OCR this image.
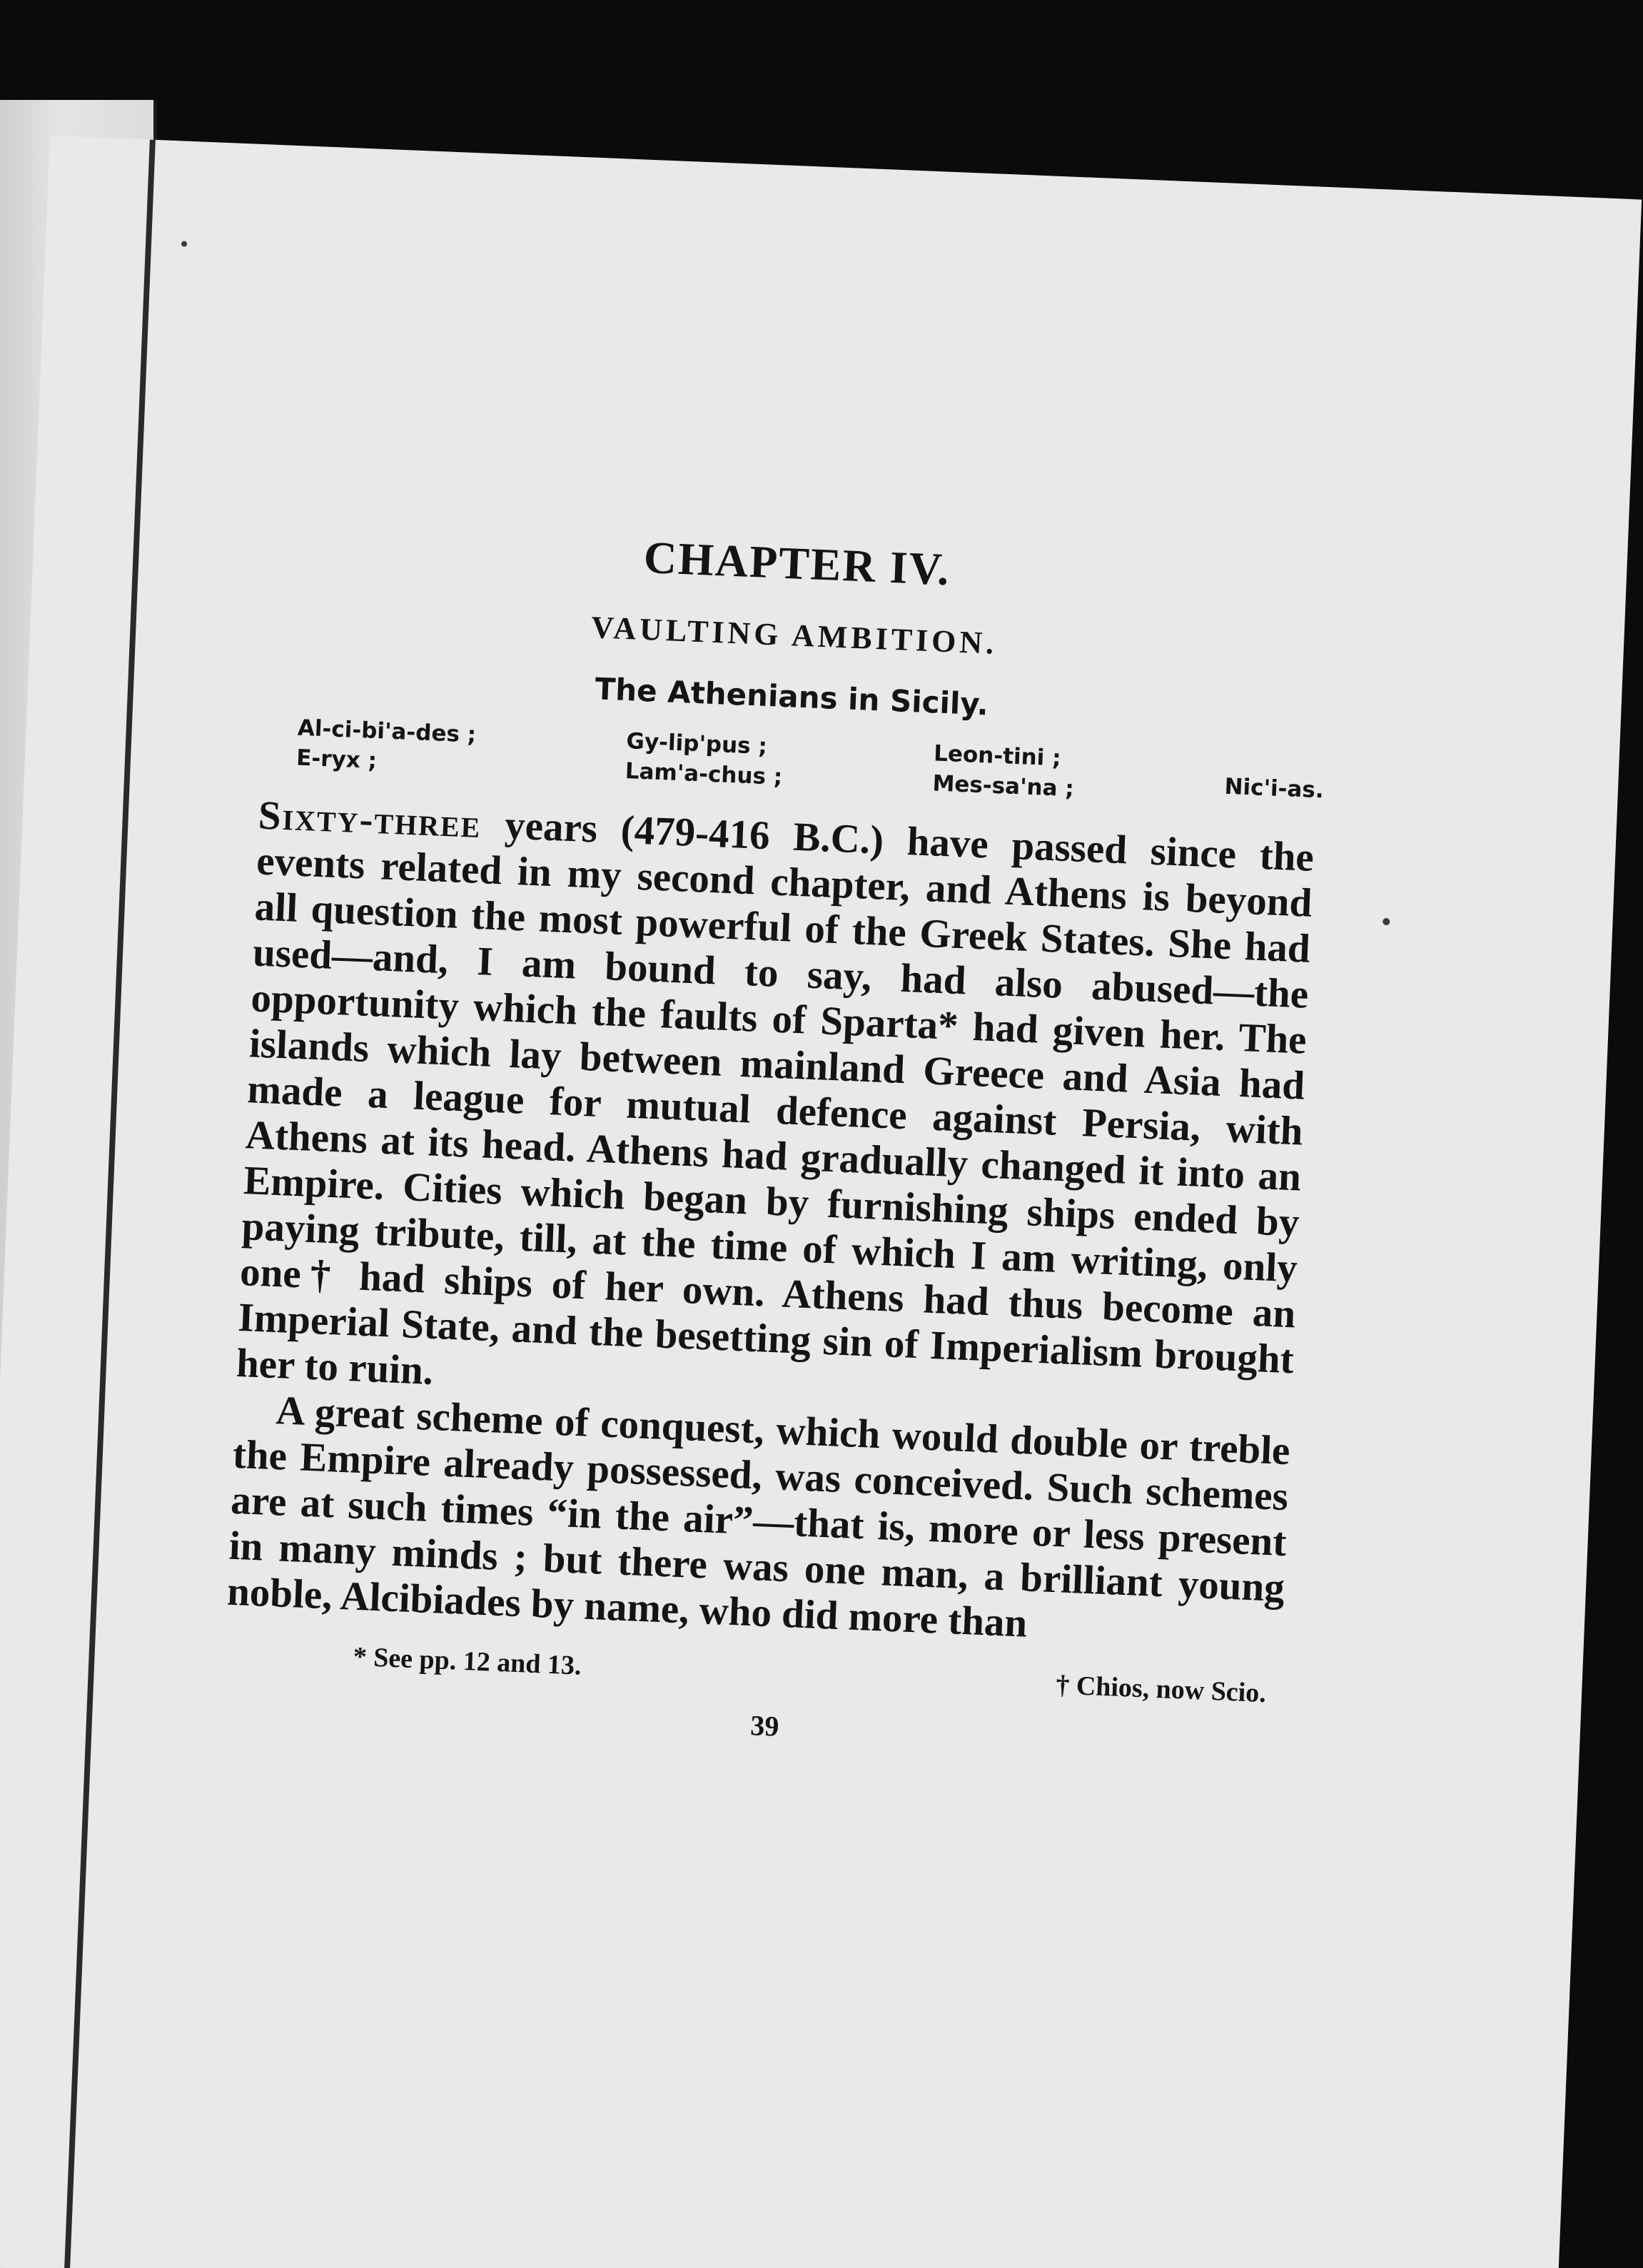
CHAPTER IV.
VAULTING AMBITION.
The Athenians in Sicily.
Al-ci-bi'a-des ;
E-ryx ;	Gy-lip'pus ;
Lam'a-chus ;
Leon-tini ;
Mes-sa'na ;	Nic'i-as.

Sixty-three years (479-416 B.C.) have passed since the events related in my second chapter, and Athens is beyond all question the most powerful of the Greek States. She had used—and, I am bound to say, had also abused—the opportunity which the faults of Sparta* had given her. The islands which lay between mainland Greece and Asia had made a league for mutual defence against Persia, with Athens at its head. Athens had gradually changed it into an Empire. Cities which began by furnishing ships ended by paying tribute, till, at the time of which I am writing, only one† had ships of her own. Athens had thus become an Imperial State, and the besetting sin of Imperialism brought her to ruin.

A great scheme of conquest, which would double or treble the Empire already possessed, was conceived. Such schemes are at such times “in the air”—that is, more or less present in many minds ; but there was one man, a brilliant young noble, Alcibiades by name, who did more than

* See pp. 12 and 13.
† Chios, now Scio.
39
